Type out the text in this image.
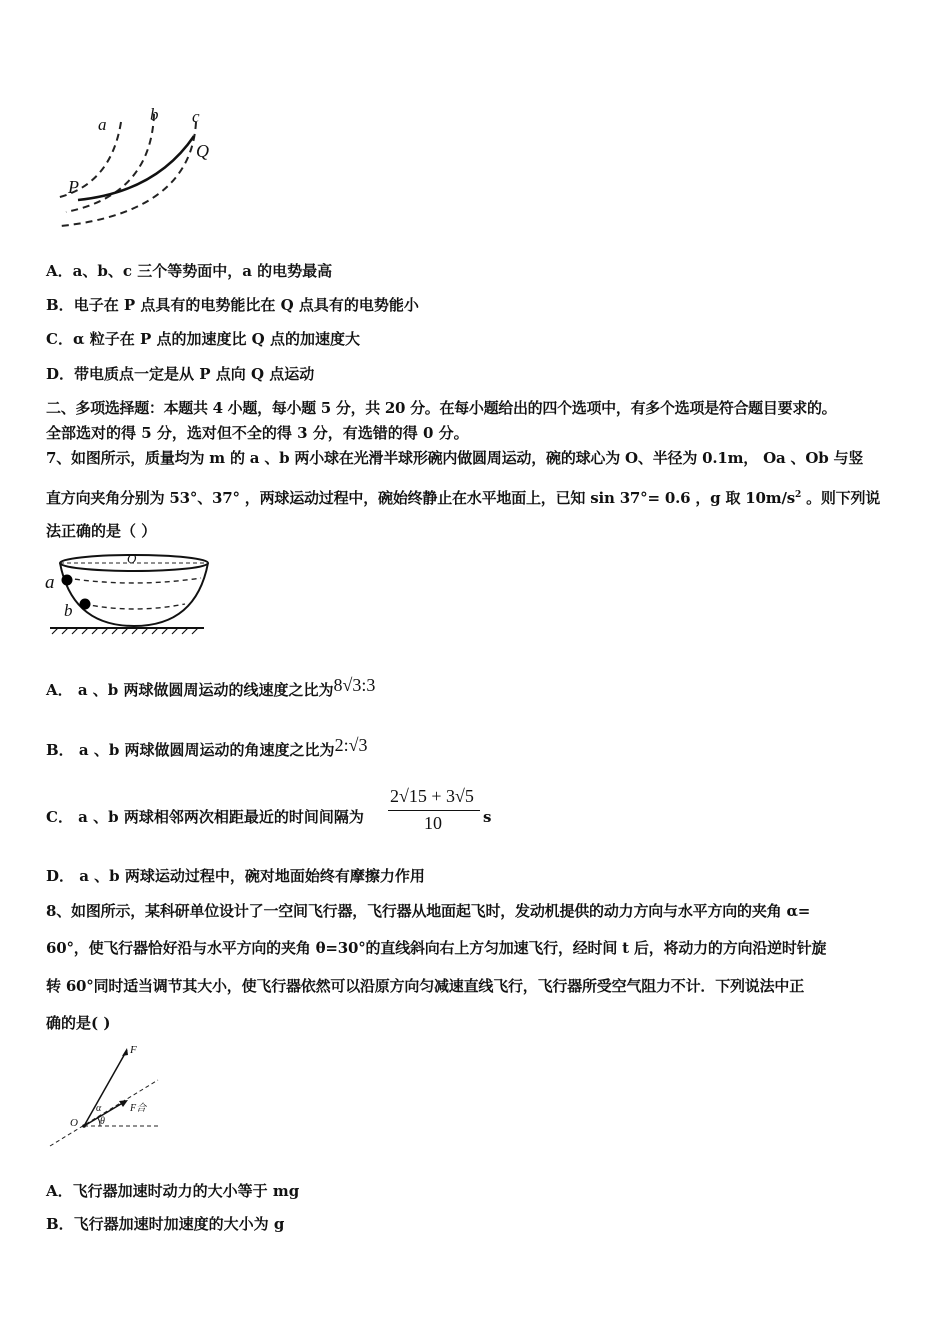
a
b c
P
Q
A．a、b、c 三个等势面中，a 的电势最高
B．电子在 P 点具有的电势能比在 Q 点具有的电势能小
C．α 粒子在 P 点的加速度比 Q 点的加速度大
D．带电质点一定是从 P 点向 Q 点运动
二、多项选择题：本题共 4 小题，每小题 5 分，共 20 分。在每小题给出的四个选项中，有多个选项是符合题目要求的。
全部选对的得 5 分，选对但不全的得 3 分，有选错的得 0 分。
7、如图所示，质量均为 m 的 a 、b 两小球在光滑半球形碗内做圆周运动，碗的球心为 O、半径为 0.1m， Oa 、Ob 与竖
直方向夹角分别为 53°、37° ，两球运动过程中，碗始终静止在水平地面上，已知 sin 37°= 0.6 ，g 取 $10m/s^2$ 。则下列说
法正确的是（ ）
O
a
b
A． a 、b 两球做圆周运动的线速度之比为8√3:3
B． a 、b 两球做圆周运动的角速度之比为2:√3
C． a 、b 两球相邻两次相距最近的时间间隔为
2√15 + 3√5
10	s
D． a 、b 两球运动过程中，碗对地面始终有摩擦力作用
8、如图所示，某科研单位设计了一空间飞行器，飞行器从地面起飞时，发动机提供的动力方向与水平方向的夹角 α=
60°，使飞行器恰好沿与水平方向的夹角 θ=30°的直线斜向右上方匀加速飞行，经时间 t 后，将动力的方向沿逆时针旋
转 60°同时适当调节其大小，使飞行器依然可以沿原方向匀减速直线飞行，飞行器所受空气阻力不计．下列说法中正
确的是( )
F
F合
O
α
θ
A．飞行器加速时动力的大小等于 mg
B．飞行器加速时加速度的大小为 g
